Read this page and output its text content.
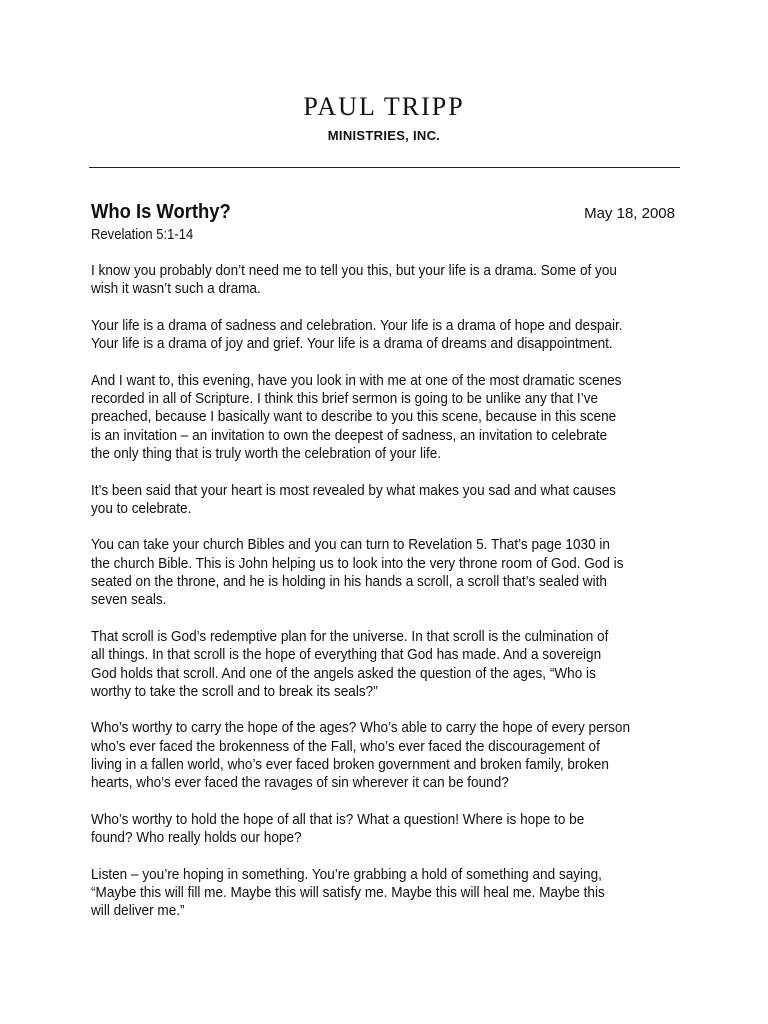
PAUL TRIPP
MINISTRIES, INC.
Who Is Worthy?	May 18, 2008
Revelation 5:1-14
I know you probably don’t need me to tell you this, but your life is a drama. Some of you
wish it wasn’t such a drama.
Your life is a drama of sadness and celebration. Your life is a drama of hope and despair.
Your life is a drama of joy and grief. Your life is a drama of dreams and disappointment.
And I want to, this evening, have you look in with me at one of the most dramatic scenes
recorded in all of Scripture. I think this brief sermon is going to be unlike any that I’ve
preached, because I basically want to describe to you this scene, because in this scene
is an invitation – an invitation to own the deepest of sadness, an invitation to celebrate
the only thing that is truly worth the celebration of your life.
It’s been said that your heart is most revealed by what makes you sad and what causes
you to celebrate.
You can take your church Bibles and you can turn to Revelation 5. That’s page 1030 in
the church Bible. This is John helping us to look into the very throne room of God. God is
seated on the throne, and he is holding in his hands a scroll, a scroll that’s sealed with
seven seals.
That scroll is God’s redemptive plan for the universe. In that scroll is the culmination of
all things. In that scroll is the hope of everything that God has made. And a sovereign
God holds that scroll. And one of the angels asked the question of the ages, “Who is
worthy to take the scroll and to break its seals?”
Who’s worthy to carry the hope of the ages? Who’s able to carry the hope of every person
who’s ever faced the brokenness of the Fall, who’s ever faced the discouragement of
living in a fallen world, who’s ever faced broken government and broken family, broken
hearts, who’s ever faced the ravages of sin wherever it can be found?
Who’s worthy to hold the hope of all that is? What a question! Where is hope to be
found? Who really holds our hope?
Listen – you’re hoping in something. You’re grabbing a hold of something and saying,
“Maybe this will fill me. Maybe this will satisfy me. Maybe this will heal me. Maybe this
will deliver me.”
